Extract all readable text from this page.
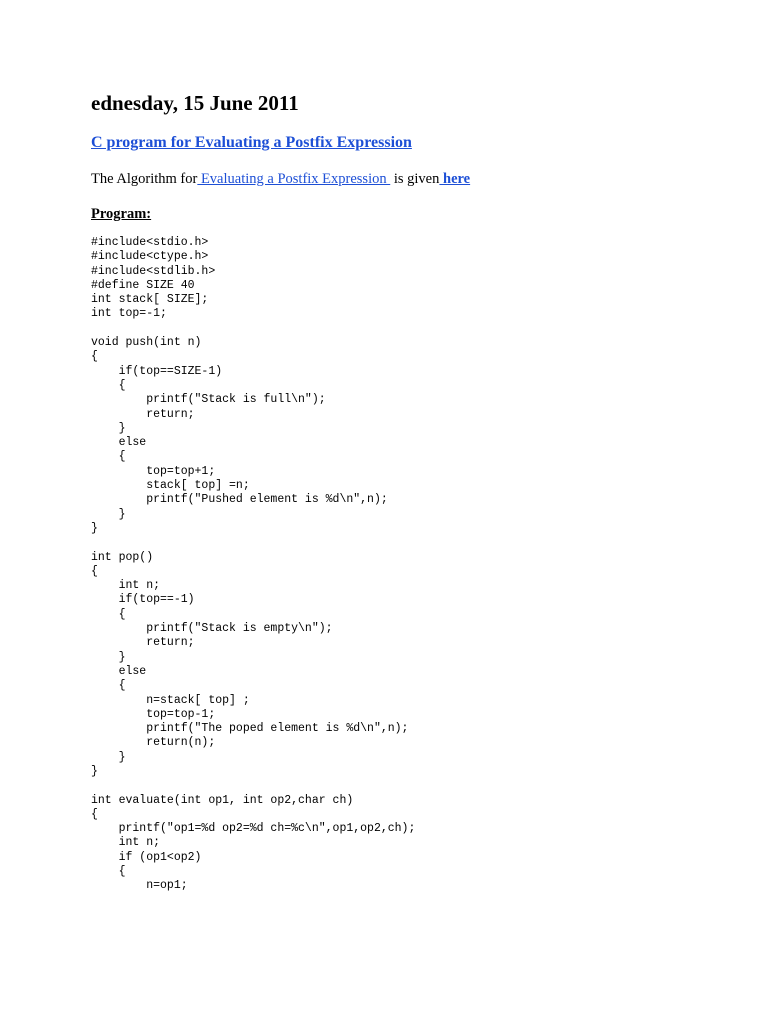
ednesday, 15 June 2011
C program for Evaluating a Postfix Expression
The Algorithm for Evaluating a Postfix Expression  is given here
Program:
#include<stdio.h>
#include<ctype.h>
#include<stdlib.h>
#define SIZE 40
int stack[ SIZE];
int top=-1;
void push(int n)
{
if(top==SIZE-1)
{
printf("Stack is full\n");
return;
}
else
{
top=top+1;
stack[ top] =n;
printf("Pushed element is %d\n",n);
}
}
int pop()
{
int n;
if(top==-1)
{
printf("Stack is empty\n");
return;
}
else
{
n=stack[ top] ;
top=top-1;
printf("The poped element is %d\n",n);
return(n);
}
}
int evaluate(int op1, int op2,char ch)
{
printf("op1=%d op2=%d ch=%c\n",op1,op2,ch);
int n;
if (op1<op2)
{
n=op1;
